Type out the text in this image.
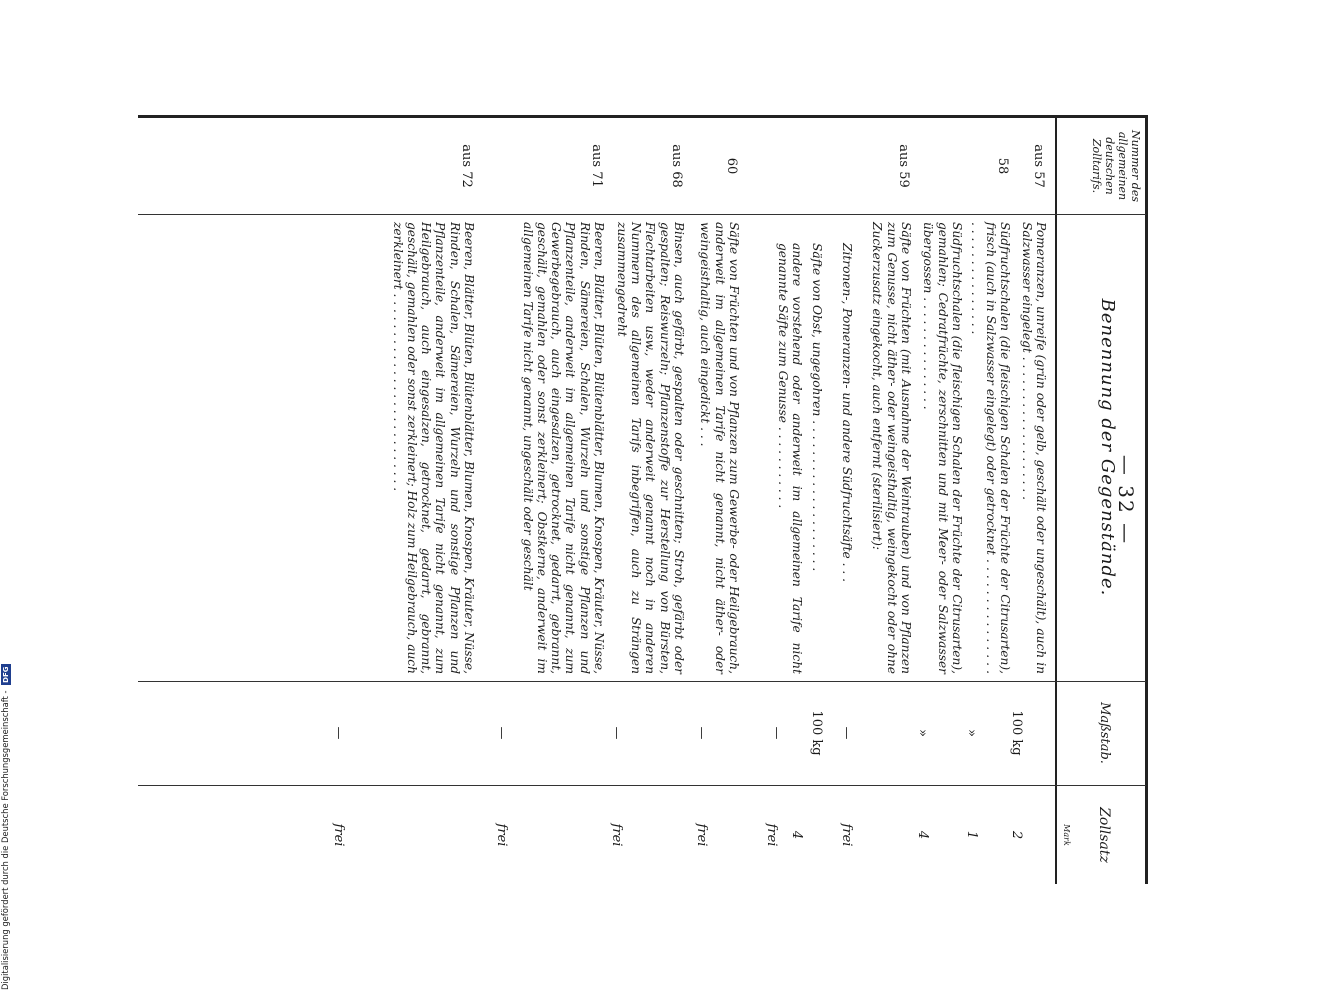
— 32 —
Nummer des allgemeinen deutschen Zolltarifs.
Benennung der Gegenstände.
Maßstab.
Zollsatz
Mark
aus 57
Pomeranzen, unreife (grün oder gelb, geschält oder ungeschält), auch in Salzwasser eingelegt . . . . . . . . . . . . . . . . . . .
100 kg
2
58
Südfruchtschalen (die fleischigen Schalen der Früchte der Citrusarten), frisch (auch in Salzwasser eingelegt) oder getrocknet . . . . . . . . . . . . . . . . . . . . . . . . . . . . . .
»
1
Südfruchtschalen (die fleischigen Schalen der Früchte der Citrusarten), gemahlen; Cedratfrüchte, zerschnitten und mit Meer- oder Salzwasser übergossen . . . . . . . . . . . . . . .
»
4
aus 59
Säfte von Früchten (mit Ausnahme der Weintrauben) und von Pflanzen zum Genusse, nicht äther- oder weingeisthaltig, weingekocht oder ohne Zuckerzusatz eingekocht, auch entfernt (sterilisiert):
Zitronen-, Pomeranzen- und andere Südfruchtsäfte . . .
—
frei
Säfte von Obst, ungegohren . . . . . . . . . . . . . . . . . . . .
100 kg
4
andere vorstehend oder anderweit im allgemeinen Tarife nicht genannte Säfte zum Genusse . . . . . . . . . . .
—
frei
60
Säfte von Früchten und von Pflanzen zum Gewerbe- oder Heilgebrauch, anderweit im allgemeinen Tarife nicht genannt, nicht äther- oder weingeisthaltig, auch eingedickt . . .
—
frei
aus 68
Binsen, auch gefärbt, gespalten oder geschnitten; Stroh, gefärbt oder gespalten; Reiswurzeln; Pflanzenstoffe zur Herstellung von Bürsten, Flechtarbeiten usw., weder anderweit genannt noch in anderen Nummern des allgemeinen Tarifs inbegriffen, auch zu Strängen zusammengedreht
—
frei
aus 71
Beeren, Blätter, Blüten, Blütenblätter, Blumen, Knospen, Kräuter, Nüsse, Rinden, Sämereien, Schalen, Wurzeln und sonstige Pflanzen und Pflanzenteile, anderweit im allgemeinen Tarife nicht genannt, zum Gewerbegebrauch, auch eingesalzen, getrocknet, gedarrt, gebrannt, geschält, gemahlen oder sonst zerkleinert; Obstkerne, anderweit im allgemeinen Tarife nicht genannt, ungeschält oder geschält
—
frei
aus 72
Beeren, Blätter, Blüten, Blütenblätter, Blumen, Knospen, Kräuter, Nüsse, Rinden, Schalen, Sämereien, Wurzeln und sonstige Pflanzen und Pflanzenteile, anderweit im allgemeinen Tarife nicht genannt, zum Heilgebrauch, auch eingesalzen, getrocknet, gedarrt, gebrannt, geschält, gemahlen oder sonst zerkleinert; Holz zum Heilgebrauch, auch zerkleinert . . . . . . . . . . . . . . . . . . . . . . . . . .
—
frei
Digitalisierung gefördert durch die Deutsche Forschungsgemeinschaft - DFG
